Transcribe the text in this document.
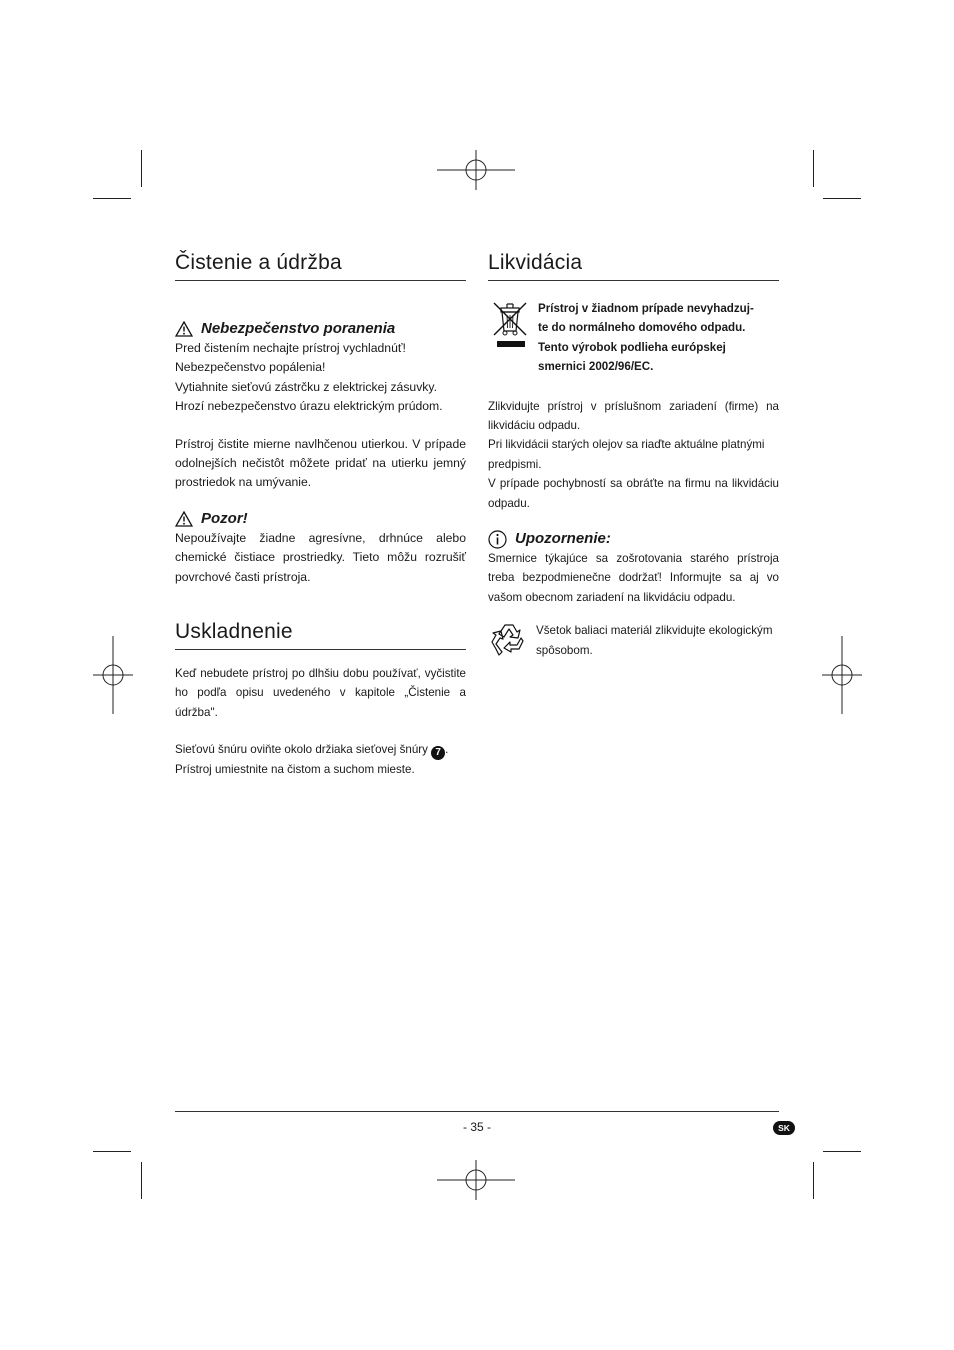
Čistenie a údržba
Nebezpečenstvo poranenia

Pred čistením nechajte prístroj vychladnúť!

Nebezpečenstvo popálenia!

Vytiahnite sieťovú zástrčku z elektrickej zásuvky.

Hrozí nebezpečenstvo úrazu elektrickým prúdom.

Prístroj čistite mierne navlhčenou utierkou. V prípade odolnejších nečistôt môžete pridať na utierku jemný prostriedok na umývanie.

Pozor!

Nepoužívajte žiadne agresívne, drhnúce alebo chemické čistiace prostriedky. Tieto môžu rozrušiť povrchové časti prístroja.

Uskladnenie

Keď nebudete prístroj po dlhšiu dobu používať, vyčistite ho podľa opisu uvedeného v kapitole „Čistenie a údržba".

Sieťovú šnúru oviňte okolo držiaka sieťovej šnúry 7 .

Prístroj umiestnite na čistom a suchom mieste.

Likvidácia

Prístroj v žiadnom prípade nevyhadzuj-

te do normálneho domového odpadu.

Tento výrobok podlieha európskej

smernici 2002/96/EC.

Zlikvidujte prístroj v príslušnom zariadení (firme) na likvidáciu odpadu.

Pri likvidácii starých olejov sa riaďte aktuálne platnými predpismi.

V prípade pochybností sa obráťte na firmu na likvidáciu odpadu.

Upozornenie:

Smernice týkajúce sa zošrotovania starého prístroja treba bezpodmienečne dodržať! Informujte sa aj vo vašom obecnom zariadení na likvidáciu odpadu.

Všetok baliaci materiál zlikvidujte ekologickým spôsobom.

- 35 -	SK
